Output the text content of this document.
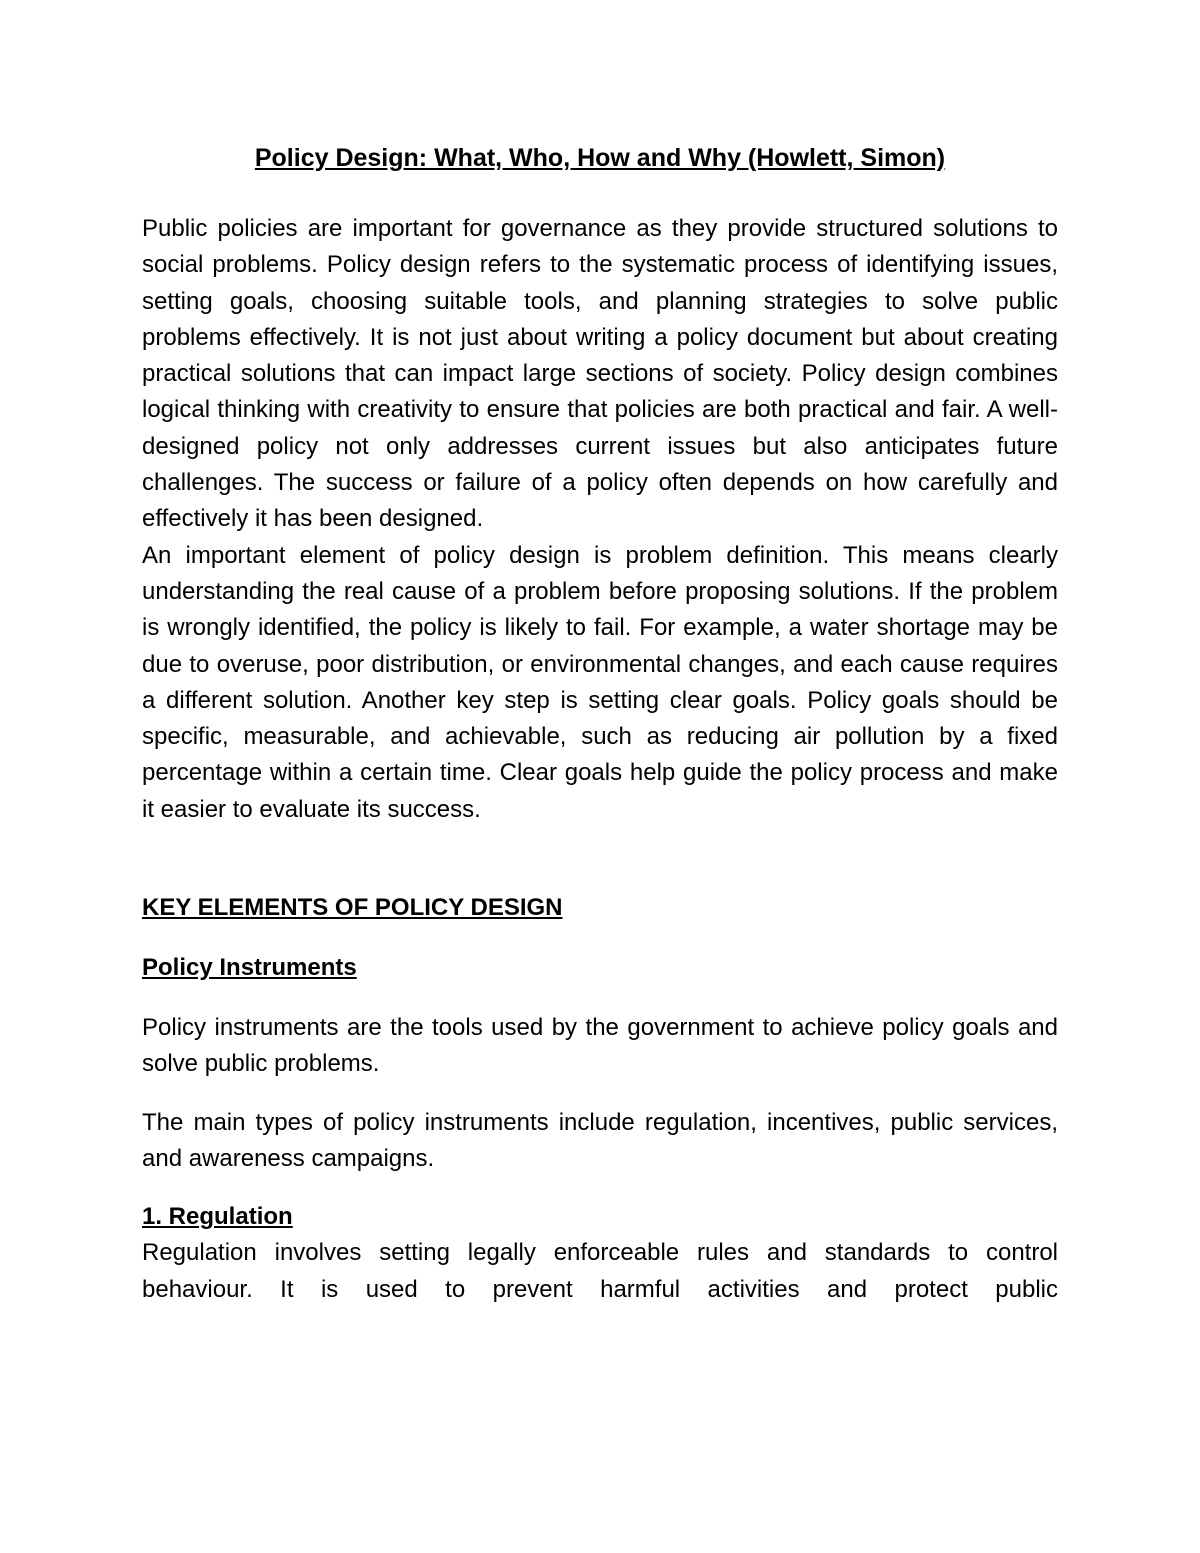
Policy Design: What, Who, How and Why (Howlett, Simon)

Public policies are important for governance as they provide structured solutions to social problems. Policy design refers to the systematic process of identifying issues, setting goals, choosing suitable tools, and planning strategies to solve public problems effectively. It is not just about writing a policy document but about creating practical solutions that can impact large sections of society. Policy design combines logical thinking with creativity to ensure that policies are both practical and fair. A well-designed policy not only addresses current issues but also anticipates future challenges. The success or failure of a policy often depends on how carefully and effectively it has been designed.

An important element of policy design is problem definition. This means clearly understanding the real cause of a problem before proposing solutions. If the problem is wrongly identified, the policy is likely to fail. For example, a water shortage may be due to overuse, poor distribution, or environmental changes, and each cause requires a different solution. Another key step is setting clear goals. Policy goals should be specific, measurable, and achievable, such as reducing air pollution by a fixed percentage within a certain time. Clear goals help guide the policy process and make it easier to evaluate its success.

KEY ELEMENTS OF POLICY DESIGN
Policy Instruments

Policy instruments are the tools used by the government to achieve policy goals and solve public problems.

The main types of policy instruments include regulation, incentives, public services, and awareness campaigns.

1. Regulation

Regulation involves setting legally enforceable rules and standards to control behaviour. It is used to prevent harmful activities and protect public
